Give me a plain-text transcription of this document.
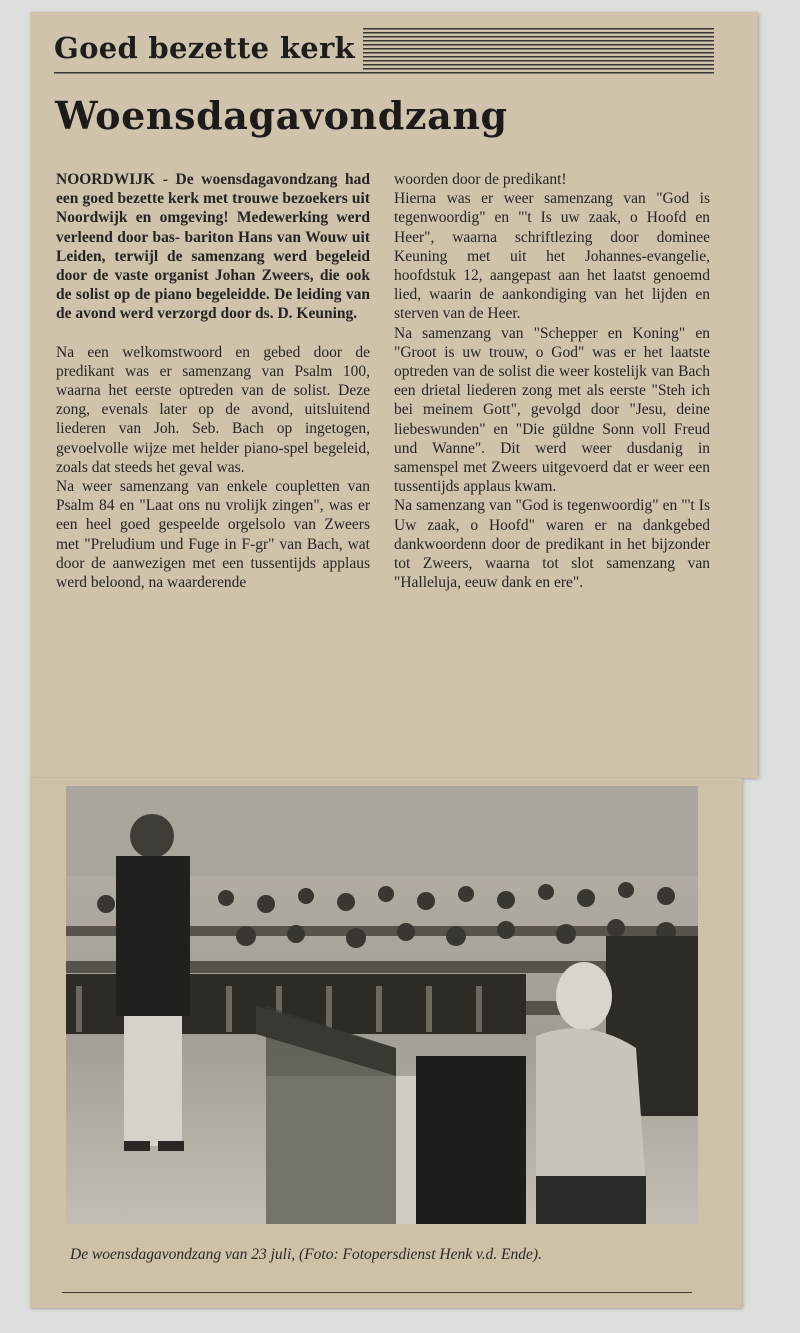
Goed bezette kerk
Woensdagavondzang

NOORDWIJK - De woensdagavondzang had een goed bezette kerk met trouwe bezoekers uit Noordwijk en omgeving! Medewerking werd verleend door bas- bariton Hans van Wouw uit Leiden, terwijl de samenzang werd begeleid door de vaste organist Johan Zweers, die ook de solist op de piano begeleidde. De leiding van de avond werd verzorgd door ds. D. Keuning.

Na een welkomstwoord en gebed door de predikant was er samenzang van Psalm 100, waarna het eerste optreden van de solist. Deze zong, evenals later op de avond, uitsluitend liederen van Joh. Seb. Bach op ingetogen, gevoelvolle wijze met helder piano-spel begeleid, zoals dat steeds het geval was.

Na weer samenzang van enkele coupletten van Psalm 84 en "Laat ons nu vrolijk zingen", was er een heel goed gespeelde orgelsolo van Zweers met "Preludium und Fuge in F-gr" van Bach, wat door de aanwezigen met een tussentijds applaus werd beloond, na waarderende

woorden door de predikant!

Hierna was er weer samenzang van "God is tegenwoordig" en "'t Is uw zaak, o Hoofd en Heer", waarna schriftlezing door dominee Keuning met uit het Johannes-evangelie, hoofdstuk 12, aangepast aan het laatst genoemd lied, waarin de aankondiging van het lijden en sterven van de Heer.

Na samenzang van "Schepper en Koning" en "Groot is uw trouw, o God" was er het laatste optreden van de solist die weer kostelijk van Bach een drietal liederen zong met als eerste "Steh ich bei meinem Gott", gevolgd door "Jesu, deine liebeswunden" en "Die güldne Sonn voll Freud und Wanne". Dit werd weer dusdanig in samenspel met Zweers uitgevoerd dat er weer een tussentijds applaus kwam.

Na samenzang van "God is tegenwoordig" en "'t Is Uw zaak, o Hoofd" waren er na dankgebed dankwoordenn door de predikant in het bijzonder tot Zweers, waarna tot slot samenzang van "Halleluja, eeuw dank en ere".

De woensdagavondzang van 23 juli, (Foto: Fotopersdienst Henk v.d. Ende).
